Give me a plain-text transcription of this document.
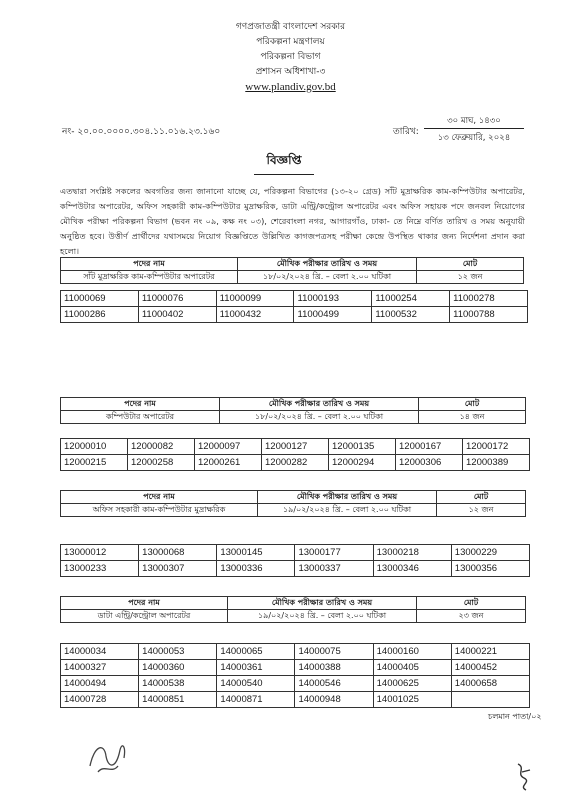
গণপ্রজাতন্ত্রী বাংলাদেশ সরকার
পরিকল্পনা মন্ত্রণালয়
পরিকল্পনা বিভাগ
প্রশাসন অধিশাখা-৩
www.plandiv.gov.bd
নং- ২০.০০.০০০০.৩০৪.১১.০১৬.২৩.১৬০	তারিখ:
৩০ মাঘ, ১৪৩০
১৩ ফেব্রুয়ারি, ২০২৪
বিজ্ঞপ্তি
এতদ্বারা সংশ্লিষ্ট সকলের অবগতির জন্য জানানো যাচ্ছে যে, পরিকল্পনা বিভাগের (১৩-২০ গ্রেড) সাঁট মুদ্রাক্ষরিক কাম-কম্পিউটার অপারেটর, কম্পিউটার অপারেটর, অফিস সহকারী কাম-কম্পিউটার মুদ্রাক্ষরিক, ডাটা এন্ট্রি/কন্ট্রোল অপারেটর এবং অফিস সহায়ক পদে জনবল নিয়োগের মৌখিক পরীক্ষা পরিকল্পনা বিভাগ (ভবন নং ০৯, কক্ষ নং ০৩), শেরেবাংলা নগর, আগারগাঁও, ঢাকা- তে নিম্নে বর্ণিত তারিখ ও সময় অনুযায়ী অনুষ্ঠিত হবে। উত্তীর্ণ প্রার্থীদের যথাসময়ে নিয়োগ বিজ্ঞপ্তিতে উল্লিখিত কাগজপত্রসহ পরীক্ষা কেন্দ্রে উপস্থিত থাকার জন্য নির্দেশনা প্রদান করা হলো।
পদের নাম	মৌখিক পরীক্ষার তারিখ ও সময়	মোট
সাঁট মুদ্রাক্ষরিক কাম-কম্পিউটার অপারেটর	১৮/০২/২০২৪ খ্রি. – বেলা ২.০০ ঘটিকা	১২ জন
11000069	11000076	11000099	11000193	11000254	11000278
11000286	11000402	11000432	11000499	11000532	11000788
পদের নাম	মৌখিক পরীক্ষার তারিখ ও সময়	মোট
কম্পিউটার অপারেটর	১৮/০২/২০২৪ খ্রি. – বেলা ২.০০ ঘটিকা	১৪ জন
12000010	12000082	12000097	12000127	12000135	12000167	12000172
12000215	12000258	12000261	12000282	12000294	12000306	12000389
পদের নাম	মৌখিক পরীক্ষার তারিখ ও সময়	মোট
অফিস সহকারী কাম-কম্পিউটার মুদ্রাক্ষরিক	১৯/০২/২০২৪ খ্রি. – বেলা ২.০০ ঘটিকা	১২ জন
13000012	13000068	13000145	13000177	13000218	13000229
13000233	13000307	13000336	13000337	13000346	13000356
পদের নাম	মৌখিক পরীক্ষার তারিখ ও সময়	মোট
ডাটা এন্ট্রি/কন্ট্রোল অপারেটর	১৯/০২/২০২৪ খ্রি. – বেলা ২.০০ ঘটিকা	২৩ জন
14000034	14000053	14000065	14000075	14000160	14000221
14000327	14000360	14000361	14000388	14000405	14000452
14000494	14000538	14000540	14000546	14000625	14000658
14000728	14000851	14000871	14000948	14001025	
চলমান পাতা/০২
